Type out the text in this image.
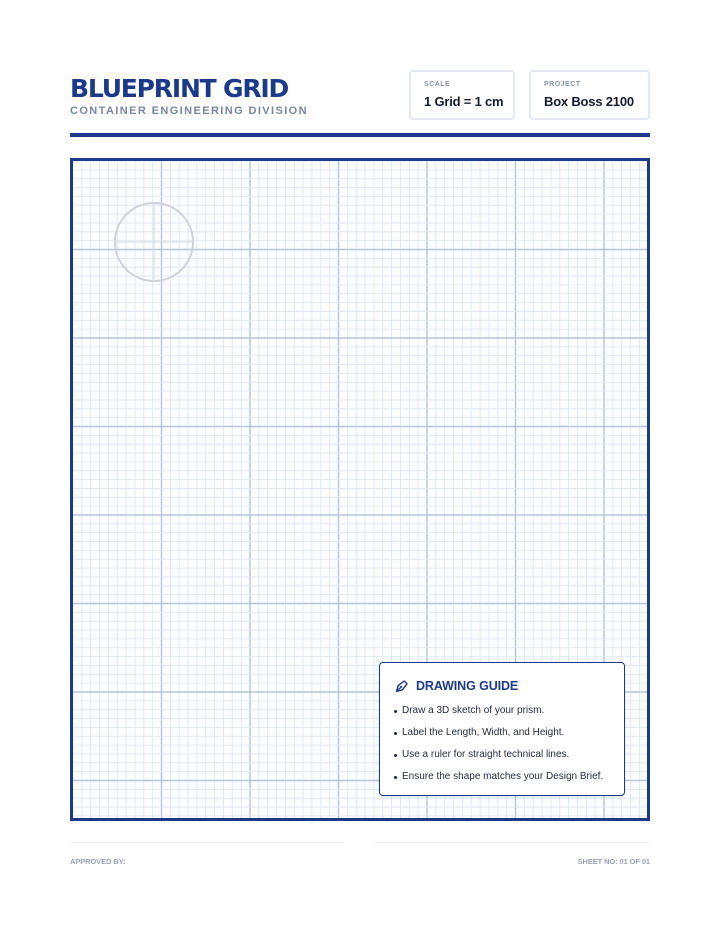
BLUEPRINT GRID
CONTAINER ENGINEERING DIVISION
SCALE
1 Grid = 1 cm
PROJECT
Box Boss 2100
DRAWING GUIDE
Draw a 3D sketch of your prism.
Label the Length, Width, and Height.
Use a ruler for straight technical lines.
Ensure the shape matches your Design Brief.
APPROVED BY:	SHEET NO: 01 OF 01
